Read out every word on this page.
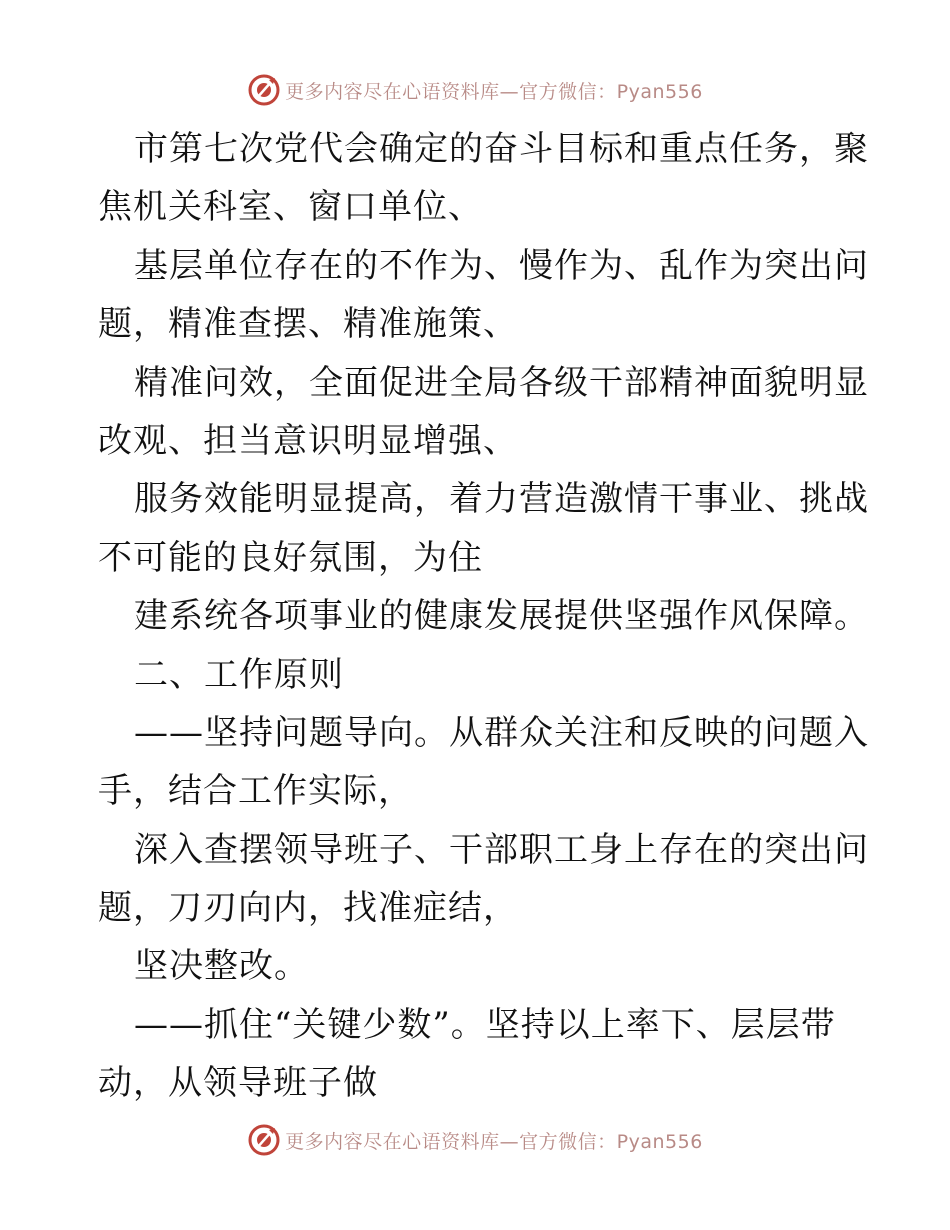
更多内容尽在心语资料库—官方微信：Pyan556
市第七次党代会确定的奋斗目标和重点任务，聚
焦机关科室、窗口单位、
基层单位存在的不作为、慢作为、乱作为突出问
题，精准查摆、精准施策、
精准问效，全面促进全局各级干部精神面貌明显
改观、担当意识明显增强、
服务效能明显提高，着力营造激情干事业、挑战
不可能的良好氛围，为住
建系统各项事业的健康发展提供坚强作风保障。
二、工作原则
——坚持问题导向。从群众关注和反映的问题入
手，结合工作实际，
深入查摆领导班子、干部职工身上存在的突出问
题，刀刃向内，找准症结，
坚决整改。
——抓住“关键少数”。坚持以上率下、层层带
动，从领导班子做
更多内容尽在心语资料库—官方微信：Pyan556
